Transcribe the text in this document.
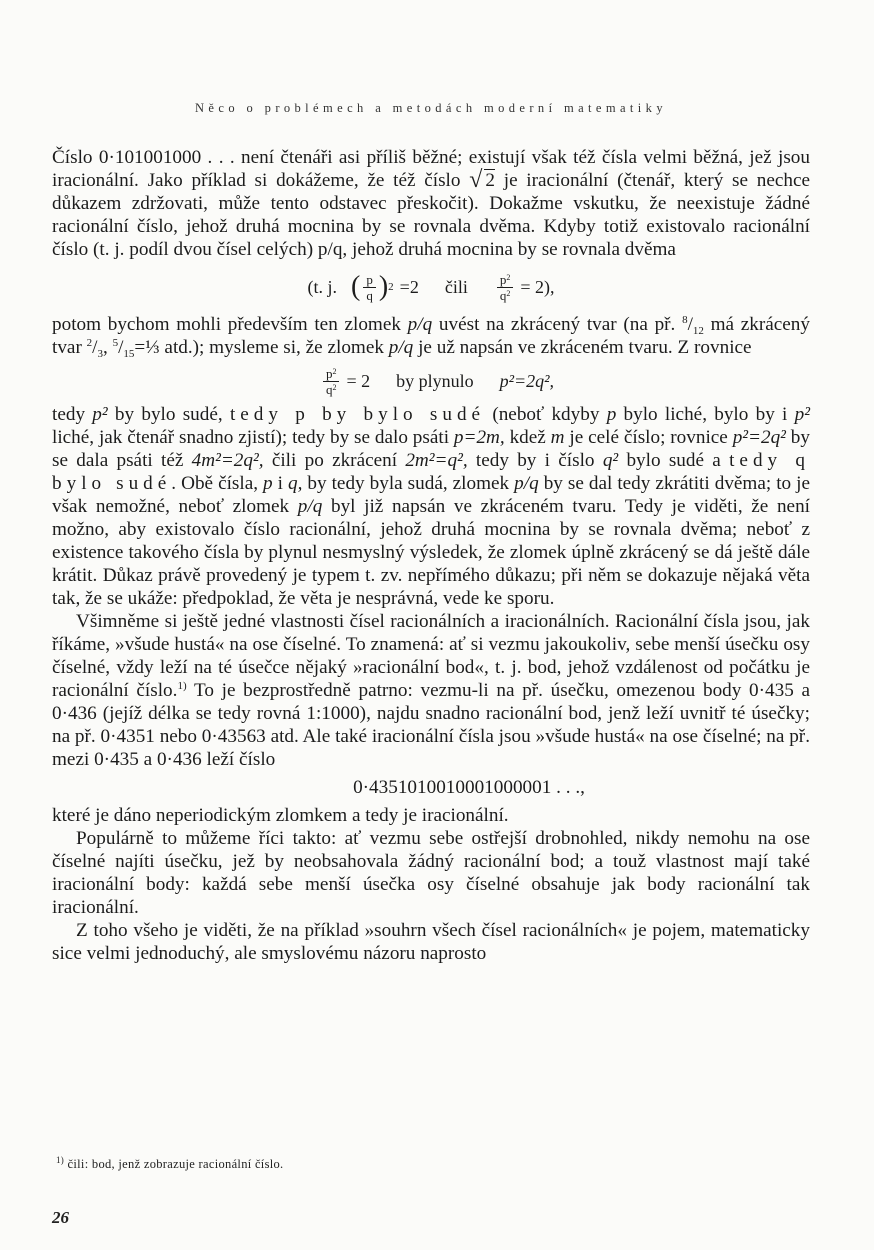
Něco o problémech a metodách moderní matematiky

Číslo 0·101001000 . . . není čtenáři asi příliš běžné; existují však též čísla velmi běžná, jež jsou iracionální. Jako příklad si dokážeme, že též číslo √ 2 je iracionální (čtenář, který se nechce důkazem zdržovati, může tento odstavec přeskočit). Dokažme vskutku, že neexistuje žádné racionální číslo, jehož druhá mocnina by se rovnala dvěma. Kdyby totiž existovalo racionální číslo (t. j. podíl dvou čísel celých) p/q, jehož druhá mocnina by se rovnala dvěma

(t. j. ( $\frac{p}{q}$ ) 2 =2 čili $\frac{p^2}{q^2} = 2$),

potom bychom mohli především ten zlomek p/q uvést na zkrácený tvar (na př. $^8/_{12}$ má zkrácený tvar $^2/_3$, $^5/_{15}=\frac{1}{3}$ atd.); mysleme si, že zlomek p/q je už napsán ve zkráceném tvaru. Z rovnice

$\frac{p^2}{q^2} = 2$ by plynulo p²=2q²,

tedy p² by bylo sudé, tedy p by bylo sudé (neboť kdyby p bylo liché, bylo by i p² liché, jak čtenář snadno zjistí); tedy by se dalo psáti p=2m, kdež m je celé číslo; rovnice p²=2q² by se dala psáti též 4m²=2q², čili po zkrácení 2m²=q², tedy by i číslo q² bylo sudé a tedy q bylo sudé. Obě čísla, p i q, by tedy byla sudá, zlomek p/q by se dal tedy zkrátiti dvěma; to je však nemožné, neboť zlomek p/q byl již napsán ve zkráceném tvaru. Tedy je viděti, že není možno, aby existovalo číslo racionální, jehož druhá mocnina by se rovnala dvěma; neboť z existence takového čísla by plynul nesmyslný výsledek, že zlomek úplně zkrácený se dá ještě dále krátit. Důkaz právě provedený je typem t. zv. nepřímého důkazu; při něm se dokazuje nějaká věta tak, že se ukáže: předpoklad, že věta je nesprávná, vede ke sporu.

Všimněme si ještě jedné vlastnosti čísel racionálních a iracionálních. Racionální čísla jsou, jak říkáme, »všude hustá« na ose číselné. To znamená: ať si vezmu jakoukoliv, sebe menší úsečku osy číselné, vždy leží na té úsečce nějaký »racionální bod«, t. j. bod, jehož vzdálenost od počátku je racionální číslo.$^{1)}$ To je bezprostředně patrno: vezmu-li na př. úsečku, omezenou body 0·435 a 0·436 (jejíž délka se tedy rovná 1:1000), najdu snadno racionální bod, jenž leží uvnitř té úsečky; na př. 0·4351 nebo 0·43563 atd. Ale také iracionální čísla jsou »všude hustá« na ose číselné; na př. mezi 0·435 a 0·436 leží číslo

0·4351010010001000001 . . .,

které je dáno neperiodickým zlomkem a tedy je iracionální.

Populárně to můžeme říci takto: ať vezmu sebe ostřejší drobnohled, nikdy nemohu na ose číselné najíti úsečku, jež by neobsahovala žádný racionální bod; a touž vlastnost mají také iracionální body: každá sebe menší úsečka osy číselné obsahuje jak body racionální tak iracionální.

Z toho všeho je viděti, že na příklad »souhrn všech čísel racionálních« je pojem, matematicky sice velmi jednoduchý, ale smyslovému názoru naprosto

$^{1)}$ čili: bod, jenž zobrazuje racionální číslo.
26
